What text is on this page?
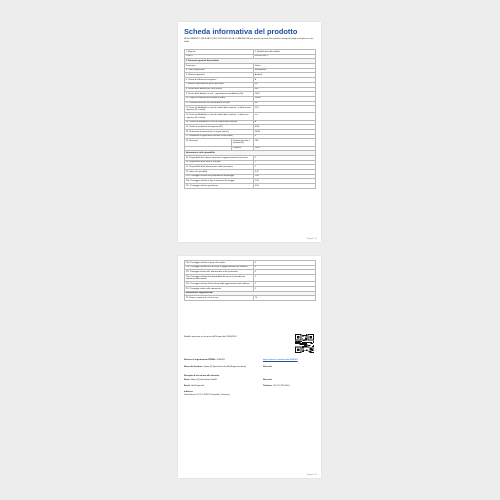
Scheda informativa del prodotto
REGOLAMENTO DELEGATO (UE) 2023/1669 DELLA COMMISSIONE per quanto riguarda l'etichettatura energetica degli smartphone e dei tablet
1. Marchio		2. Identificativo del modello
CUBOT		KINGKONG 9
3. Parametri generali del prodotto		
Parametro		Valore
4. Tipo di dispositivo		Smartphone
5. Sistema operativo		Android
6. Classe di efficienza energetica		B
7. Batteria sostituibile da parte dell'utente		No
8. Durata della batteria per ciclo [h/min]		49h
9. Durata della batteria in cicli – impostazione predefinita [cicli]		1000
10. Capacità nominale della batteria [mAh]		10600
11. Commercializzato con caricabatterie incluso		No
12. Forza di affidabilità in caso di caduta libera ripetuta – caduta senza copertura [N. cadute]		270
13. Forza di affidabilità in caso di caduta libera ripetuta – caduta con copertura [N. cadute]		n.a.
14. Classe di affidabilità in caso di caduta libera ripetuta		A
15. Grado di protezione da ingresso (IP)		IP68
16. Protezione di immersione in acqua [m/min]		30/30
17. Resistenza ai graffi dello schermo (scala Mohs)		6
18. Spessore	Formato di scala e sistema (M)	148
	Pannello	100.3
Informazioni sulla riparabilità		
19. Disponibilità del sistema operativo e aggiornamenti di sicurezza		5
20. Disponibilità delle parti di ricambio		7
21. Disponibilità delle informazioni sulla riparazione		5
22. Indice di riparabilità		3.25
22a. Punteggio relativo alla profondità di smontaggio		1.00
22b. Punteggio relativo al tipo di elementi di fissaggio		1.00
22c. Punteggio relativo agli attrezzi		4.00
Pagina 1 / 2
22d. Punteggio relativo ai pezzi di ricambio	4
22e. Punteggio relativo alle tecniche di aggiornamento del software	4
22f. Punteggio relativo alle informazioni sulla riparazione	4
22g. Punteggio relativo alla disponibilità dei pezzi di ricambio per riparatori professionisti	2
22h. Punteggio relativo alla fornitura degli aggiornamenti del software	2
22i. Punteggio relativo alla riparazione	1
Informazioni supplementari	
23. Numero minimo di cicli di carica	10
Modello immesso sul mercato dell'Unione dal 20/06/2025
Numero di registrazione EPREL: 2096681	https://eprel.ec.europa.eu/qr/2096681
Nome del fornitore: Hipoo (F) Specialists GmbH (Rappresentante)	Sito web:
Recapito di assistenza alla clientela
Nome: Hipoo (F) Specialists GmbH	Sito web:
Email: info@hipoo.de	Telefono: +49 177 449 0001
Indirizzo:
Dieselstrasse 12-14, 40235 Düsseldorf, Germany
Pagina 2 / 2
